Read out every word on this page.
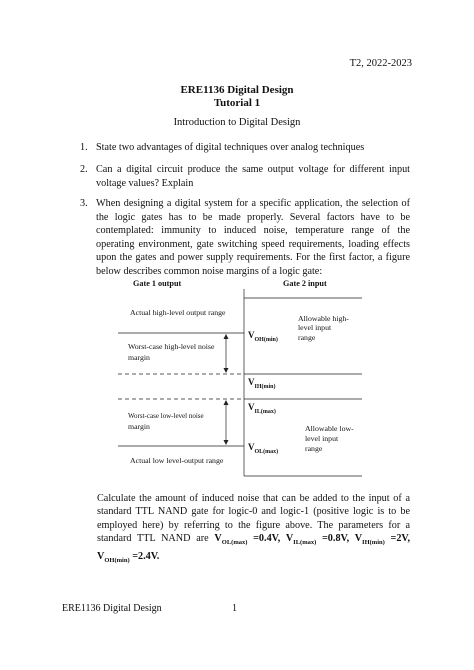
T2, 2022-2023
ERE1136 Digital Design
Tutorial 1
Introduction to Digital Design
1. State two advantages of digital techniques over analog techniques
2. Can a digital circuit produce the same output voltage for different input voltage values? Explain
3. When designing a digital system for a specific application, the selection of the logic gates has to be made properly. Several factors have to be contemplated: immunity to induced noise, temperature range of the operating environment, gate switching speed requirements, loading effects upon the gates and power supply requirements. For the first factor, a figure below describes common noise margins of a logic gate:
Gate 1 output	Gate 2 input
Actual high-level output range
Worst-case high-level noise
margin
Worst-case low-level noise
margin
Actual low level-output range
Allowable high-
level input
range
Allowable low-
level input
range
$V_{OH(min)}$
$V_{IH(min)}$
$V_{IL(max)}$
$V_{OL(max)}$
Calculate the amount of induced noise that can be added to the input of a standard TTL NAND gate for logic-0 and logic-1 (positive logic is to be employed here) by referring to the figure above. The parameters for a standard TTL NAND are $V_{OL(max)} =0.4V$, $V_{IL(max)} =0.8V$, $V_{IH(min)} =2V$, $V_{OH(min)} =2.4V$.
ERE1136 Digital Design	1
